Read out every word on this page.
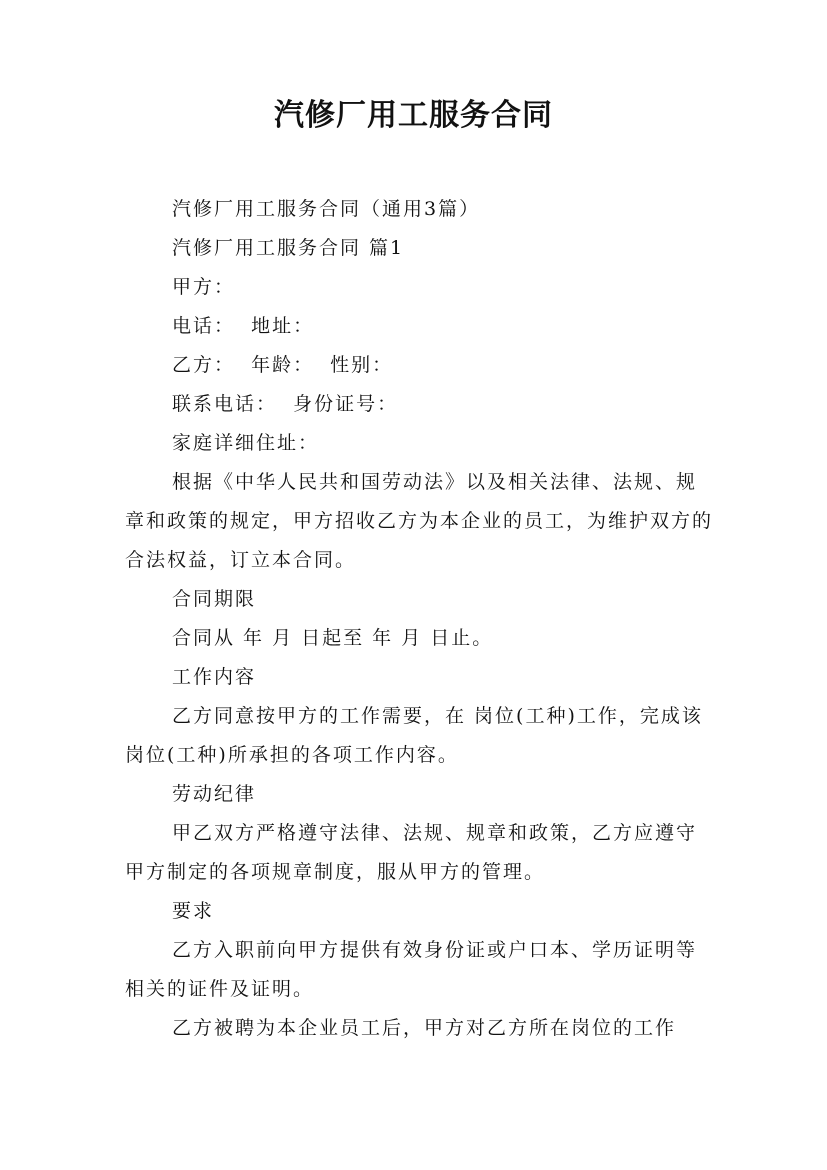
汽修厂用工服务合同

汽修厂用工服务合同（通用3篇）

汽修厂用工服务合同 篇1

甲方：

电话：  地址：

乙方：  年龄：  性别：

联系电话：  身份证号：

家庭详细住址：

根据《中华人民共和国劳动法》以及相关法律、法规、规章和政策的规定，甲方招收乙方为本企业的员工，为维护双方的合法权益，订立本合同。

合同期限

合同从 年 月 日起至 年 月 日止。

工作内容

乙方同意按甲方的工作需要，在 岗位(工种)工作，完成该岗位(工种)所承担的各项工作内容。

劳动纪律

甲乙双方严格遵守法律、法规、规章和政策，乙方应遵守甲方制定的各项规章制度，服从甲方的管理。

要求

乙方入职前向甲方提供有效身份证或户口本、学历证明等相关的证件及证明。

乙方被聘为本企业员工后，甲方对乙方所在岗位的工作
